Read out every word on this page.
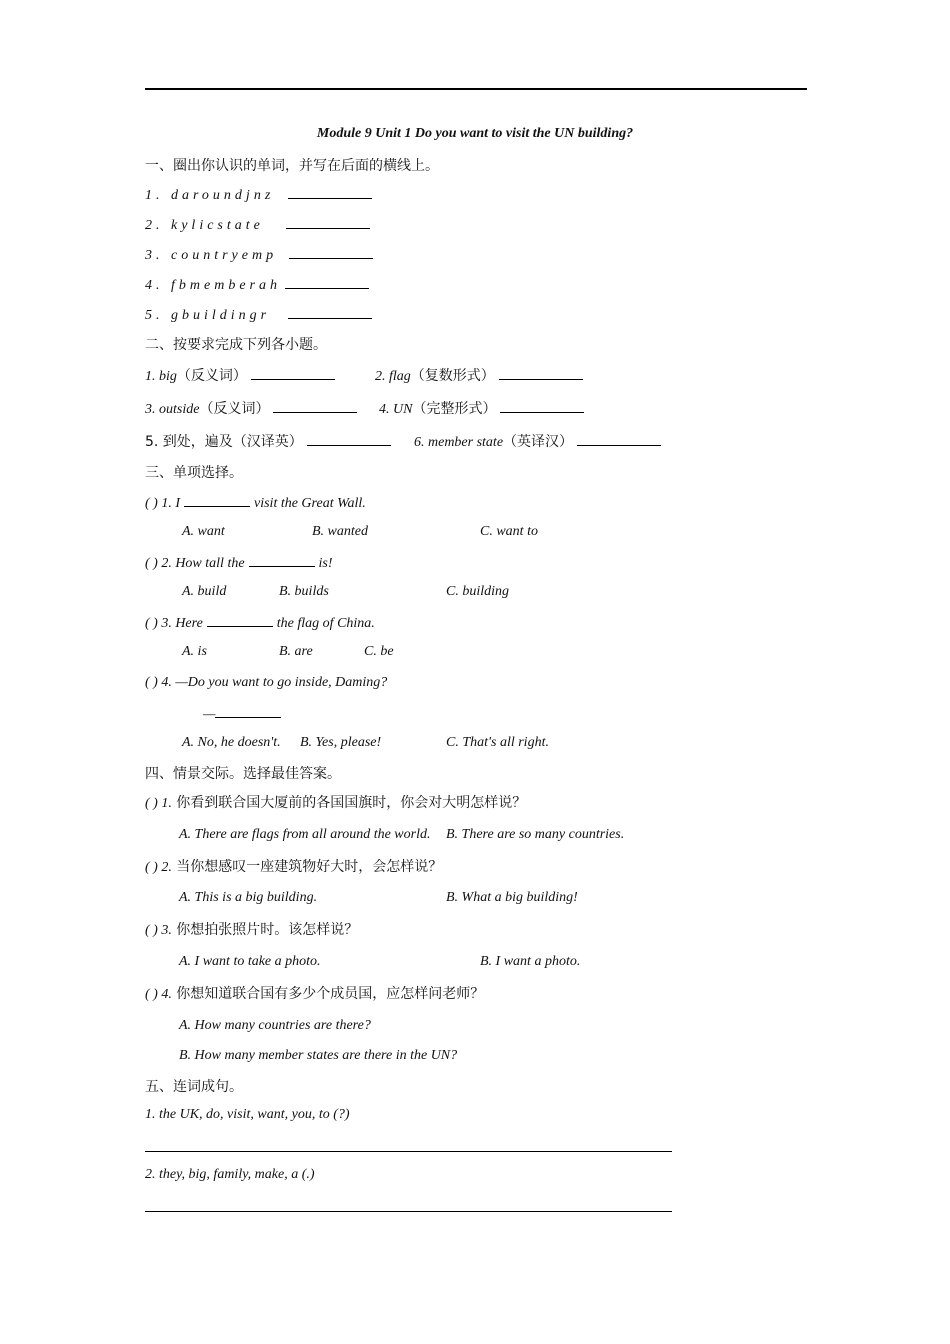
Module 9 Unit 1 Do you want to visit the UN building?
一、圈出你认识的单词，并写在后面的横线上。
1. daroundjnz
2. kylicstate
3. countryemp
4. fbmemberah
5. gbuildingr
二、按要求完成下列各小题。
1. big（反义词）	2. flag（复数形式）
3. outside（反义词）	4. UN（完整形式）
5. 到处，遍及（汉译英）	6. member state（英译汉）
三、单项选择。
( ) 1. I	visit the Great Wall.
A. want	B. wanted	C. want to
( ) 2. How tall the	is!
A. build	B. builds	C. building
( ) 3. Here	the flag of China.
A. is	B. are	C. be
( ) 4. —Do you want to go inside, Daming?
—
A. No, he doesn't. B. Yes, please!	C. That's all right.
四、情景交际。选择最佳答案。
( ) 1. 你看到联合国大厦前的各国国旗时，你会对大明怎样说？
A. There are flags from all around the world. B. There are so many countries.
( ) 2. 当你想感叹一座建筑物好大时，会怎样说？
A. This is a big building.	B. What a big building!
( ) 3. 你想拍张照片时。该怎样说？
A. I want to take a photo.	B. I want a photo.
( ) 4. 你想知道联合国有多少个成员国，应怎样问老师？
A. How many countries are there?
B. How many member states are there in the UN?
五、连词成句。
1. the UK, do, visit, want, you, to (?)
2. they, big, family, make, a (.)
